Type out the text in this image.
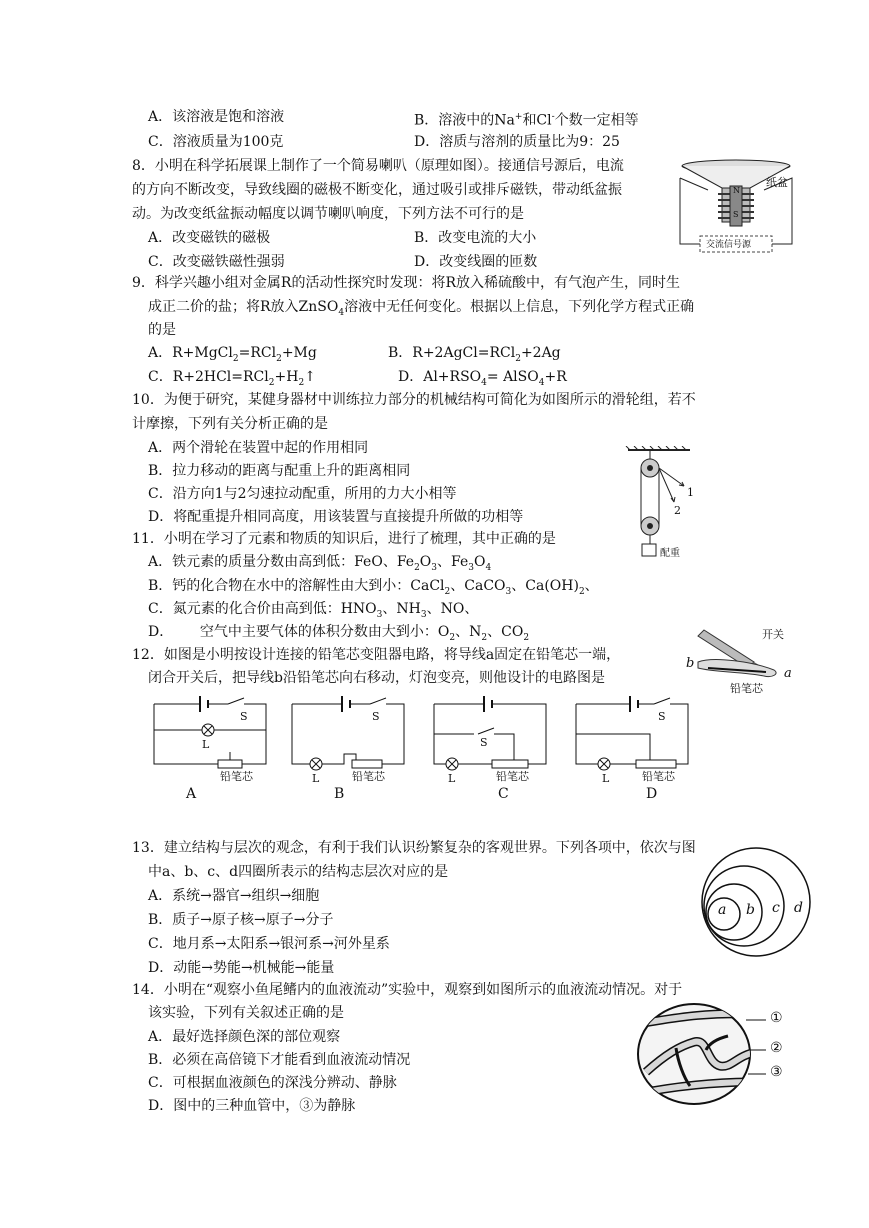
A．该溶液是饱和溶液	B．溶液中的Na+和Cl-个数一定相等
C．溶液质量为100克	D．溶质与溶剂的质量比为9：25
8．小明在科学拓展课上制作了一个简易喇叭（原理如图）。接通信号源后，电流
的方向不断改变，导致线圈的磁极不断变化，通过吸引或排斥磁铁，带动纸盆振
动。为改变纸盆振动幅度以调节喇叭响度，下列方法不可行的是
A．改变磁铁的磁极	B．改变电流的大小
C．改变磁铁磁性强弱	D．改变线圈的匝数
纸盆
N
S
交流信号源
9．科学兴趣小组对金属R的活动性探究时发现：将R放入稀硫酸中，有气泡产生，同时生
成正二价的盐；将R放入ZnSO$_4$溶液中无任何变化。根据以上信息，下列化学方程式正确
的是
A．R+MgCl$_2$=RCl$_2$+Mg	B．R+2AgCl=RCl$_2$+2Ag
C．$R+2HCl=RCl_2+H_2↑$	D．$Al+RSO_4=$ AlSO$_4$+R
10．为便于研究，某健身器材中训练拉力部分的机械结构可简化为如图所示的滑轮组，若不
计摩擦，下列有关分析正确的是
A．两个滑轮在装置中起的作用相同
B．拉力移动的距离与配重上升的距离相同
C．沿方向1与2匀速拉动配重，所用的力大小相等
D．将配重提升相同高度，用该装置与直接提升所做的功相等
1
2
配重
11．小明在学习了元素和物质的知识后，进行了梳理，其中正确的是
A．铁元素的质量分数由高到低：FeO、$Fe_2O_3$、$Fe_3O_4$
B．钙的化合物在水中的溶解性由大到小：CaCl$_2$、CaCO$_3$、$Ca(OH)_2$、
C．氮元素的化合价由高到低：$HNO_3$、$NH_3$、NO、
D．      空气中主要气体的体积分数由大到小：$O_2$、$N_2$、$CO_2$
12．如图是小明按设计连接的铅笔芯变阻器电路，将导线a固定在铅笔芯一端，
闭合开关后，把导线b沿铅笔芯向右移动，灯泡变亮，则他设计的电路图是
开关
b
a
铅笔芯
S
L
铅笔芯
A
S
L	铅笔芯
B
S
L	铅笔芯
C
S
L	铅笔芯
D
13．建立结构与层次的观念，有利于我们认识纷繁复杂的客观世界。下列各项中，依次与图
中a、b、c、d四圈所表示的结构志层次对应的是
A．系统→器官→组织→细胞
B．质子→原子核→原子→分子
C．地月系→太阳系→银河系→河外星系
D．动能→势能→机械能→能量
a b c d
14．小明在“观察小鱼尾鳍内的血液流动”实验中，观察到如图所示的血液流动情况。对于
该实验，下列有关叙述正确的是
A．最好选择颜色深的部位观察
B．必须在高倍镜下才能看到血液流动情况
C．可根据血液颜色的深浅分辨动、静脉
D．图中的三种血管中，③为静脉
①
②
③
